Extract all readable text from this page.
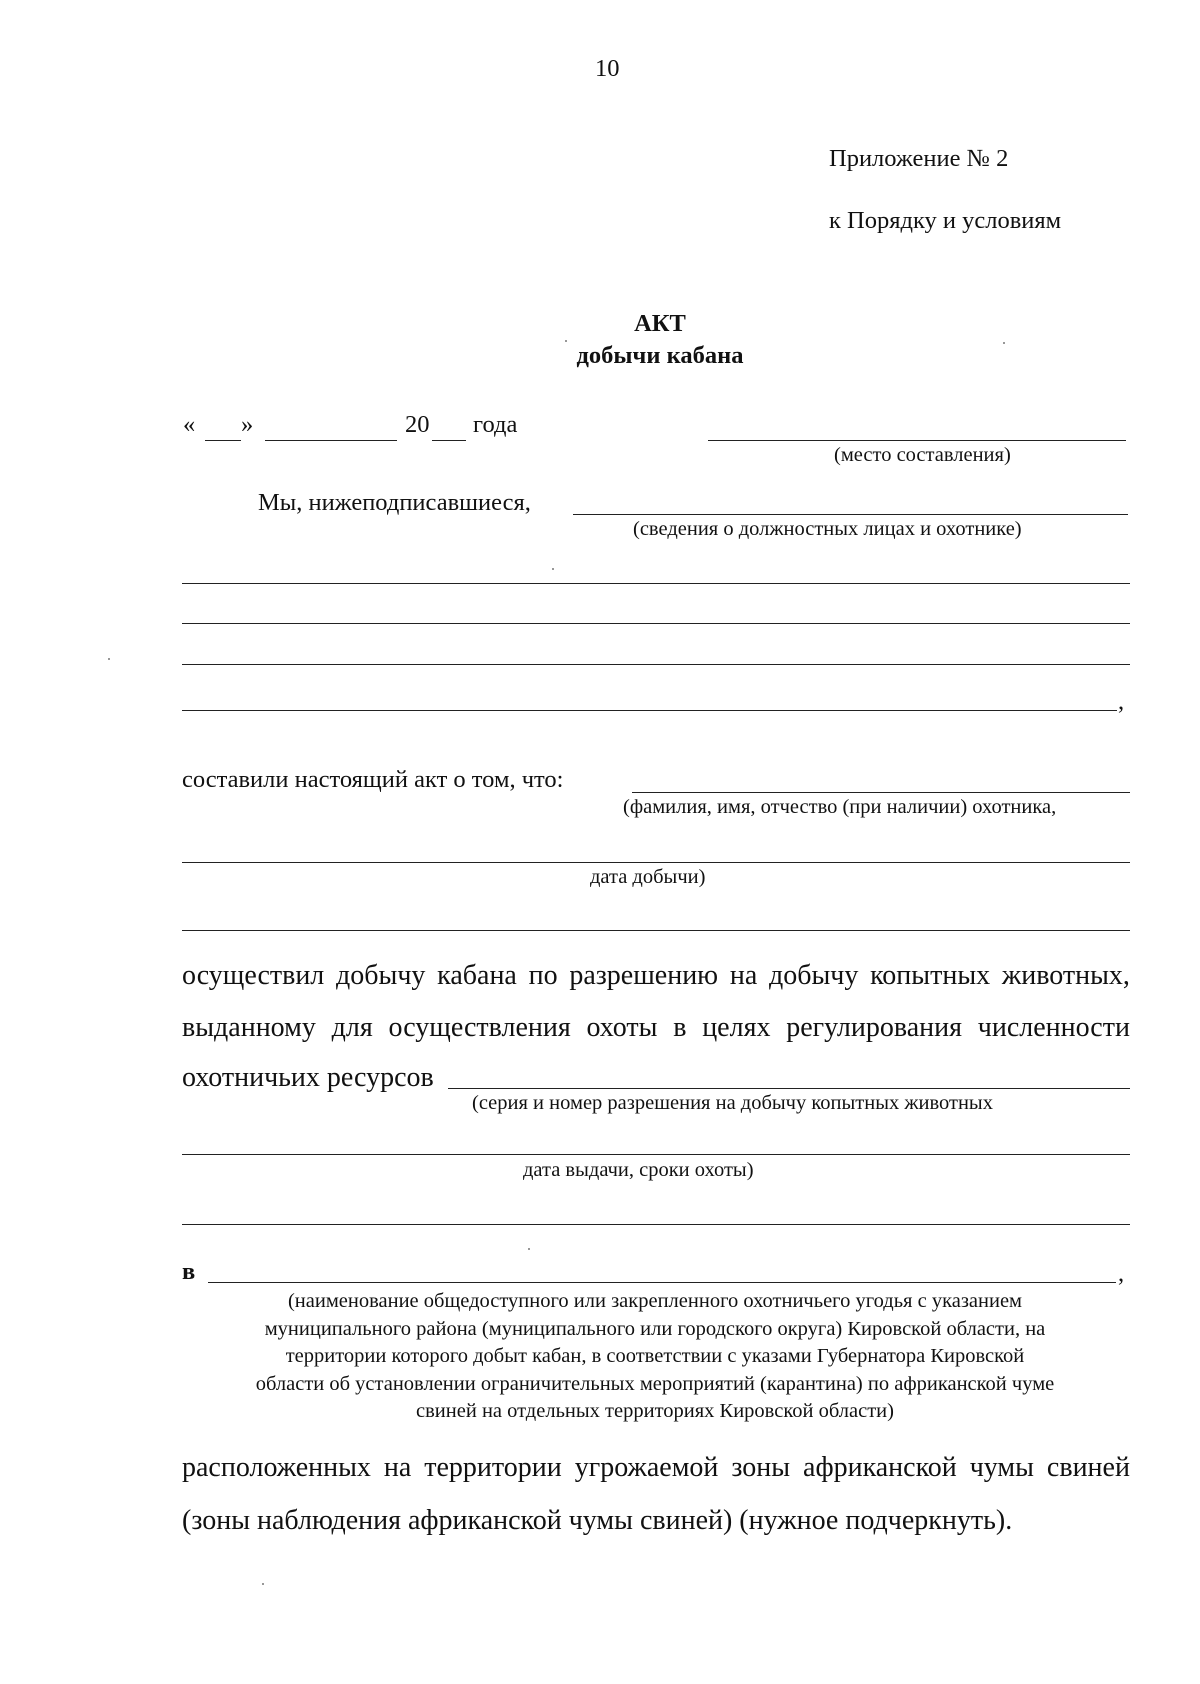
10
Приложение № 2
к Порядку и условиям
АКТ
добычи кабана
« »	20 года
(место составления)
Мы, нижеподписавшиеся,
(сведения о должностных лицах и охотнике)
,
составили настоящий акт о том, что:
(фамилия, имя, отчество (при наличии) охотника,
дата добычи)
осуществил добычу кабана по разрешению на добычу копытных животных,
выданному для осуществления охоты в целях регулирования численности
охотничьих ресурсов
(серия и номер разрешения на добычу копытных животных
дата выдачи, сроки охоты)
в	,
(наименование общедоступного или закрепленного охотничьего угодья с указанием
муниципального района (муниципального или городского округа) Кировской области, на
территории которого добыт кабан, в соответствии с указами Губернатора Кировской
области об установлении ограничительных мероприятий (карантина) по африканской чуме
свиней на отдельных территориях Кировской области)
расположенных на территории угрожаемой зоны африканской чумы свиней
(зоны наблюдения африканской чумы свиней) (нужное подчеркнуть).
